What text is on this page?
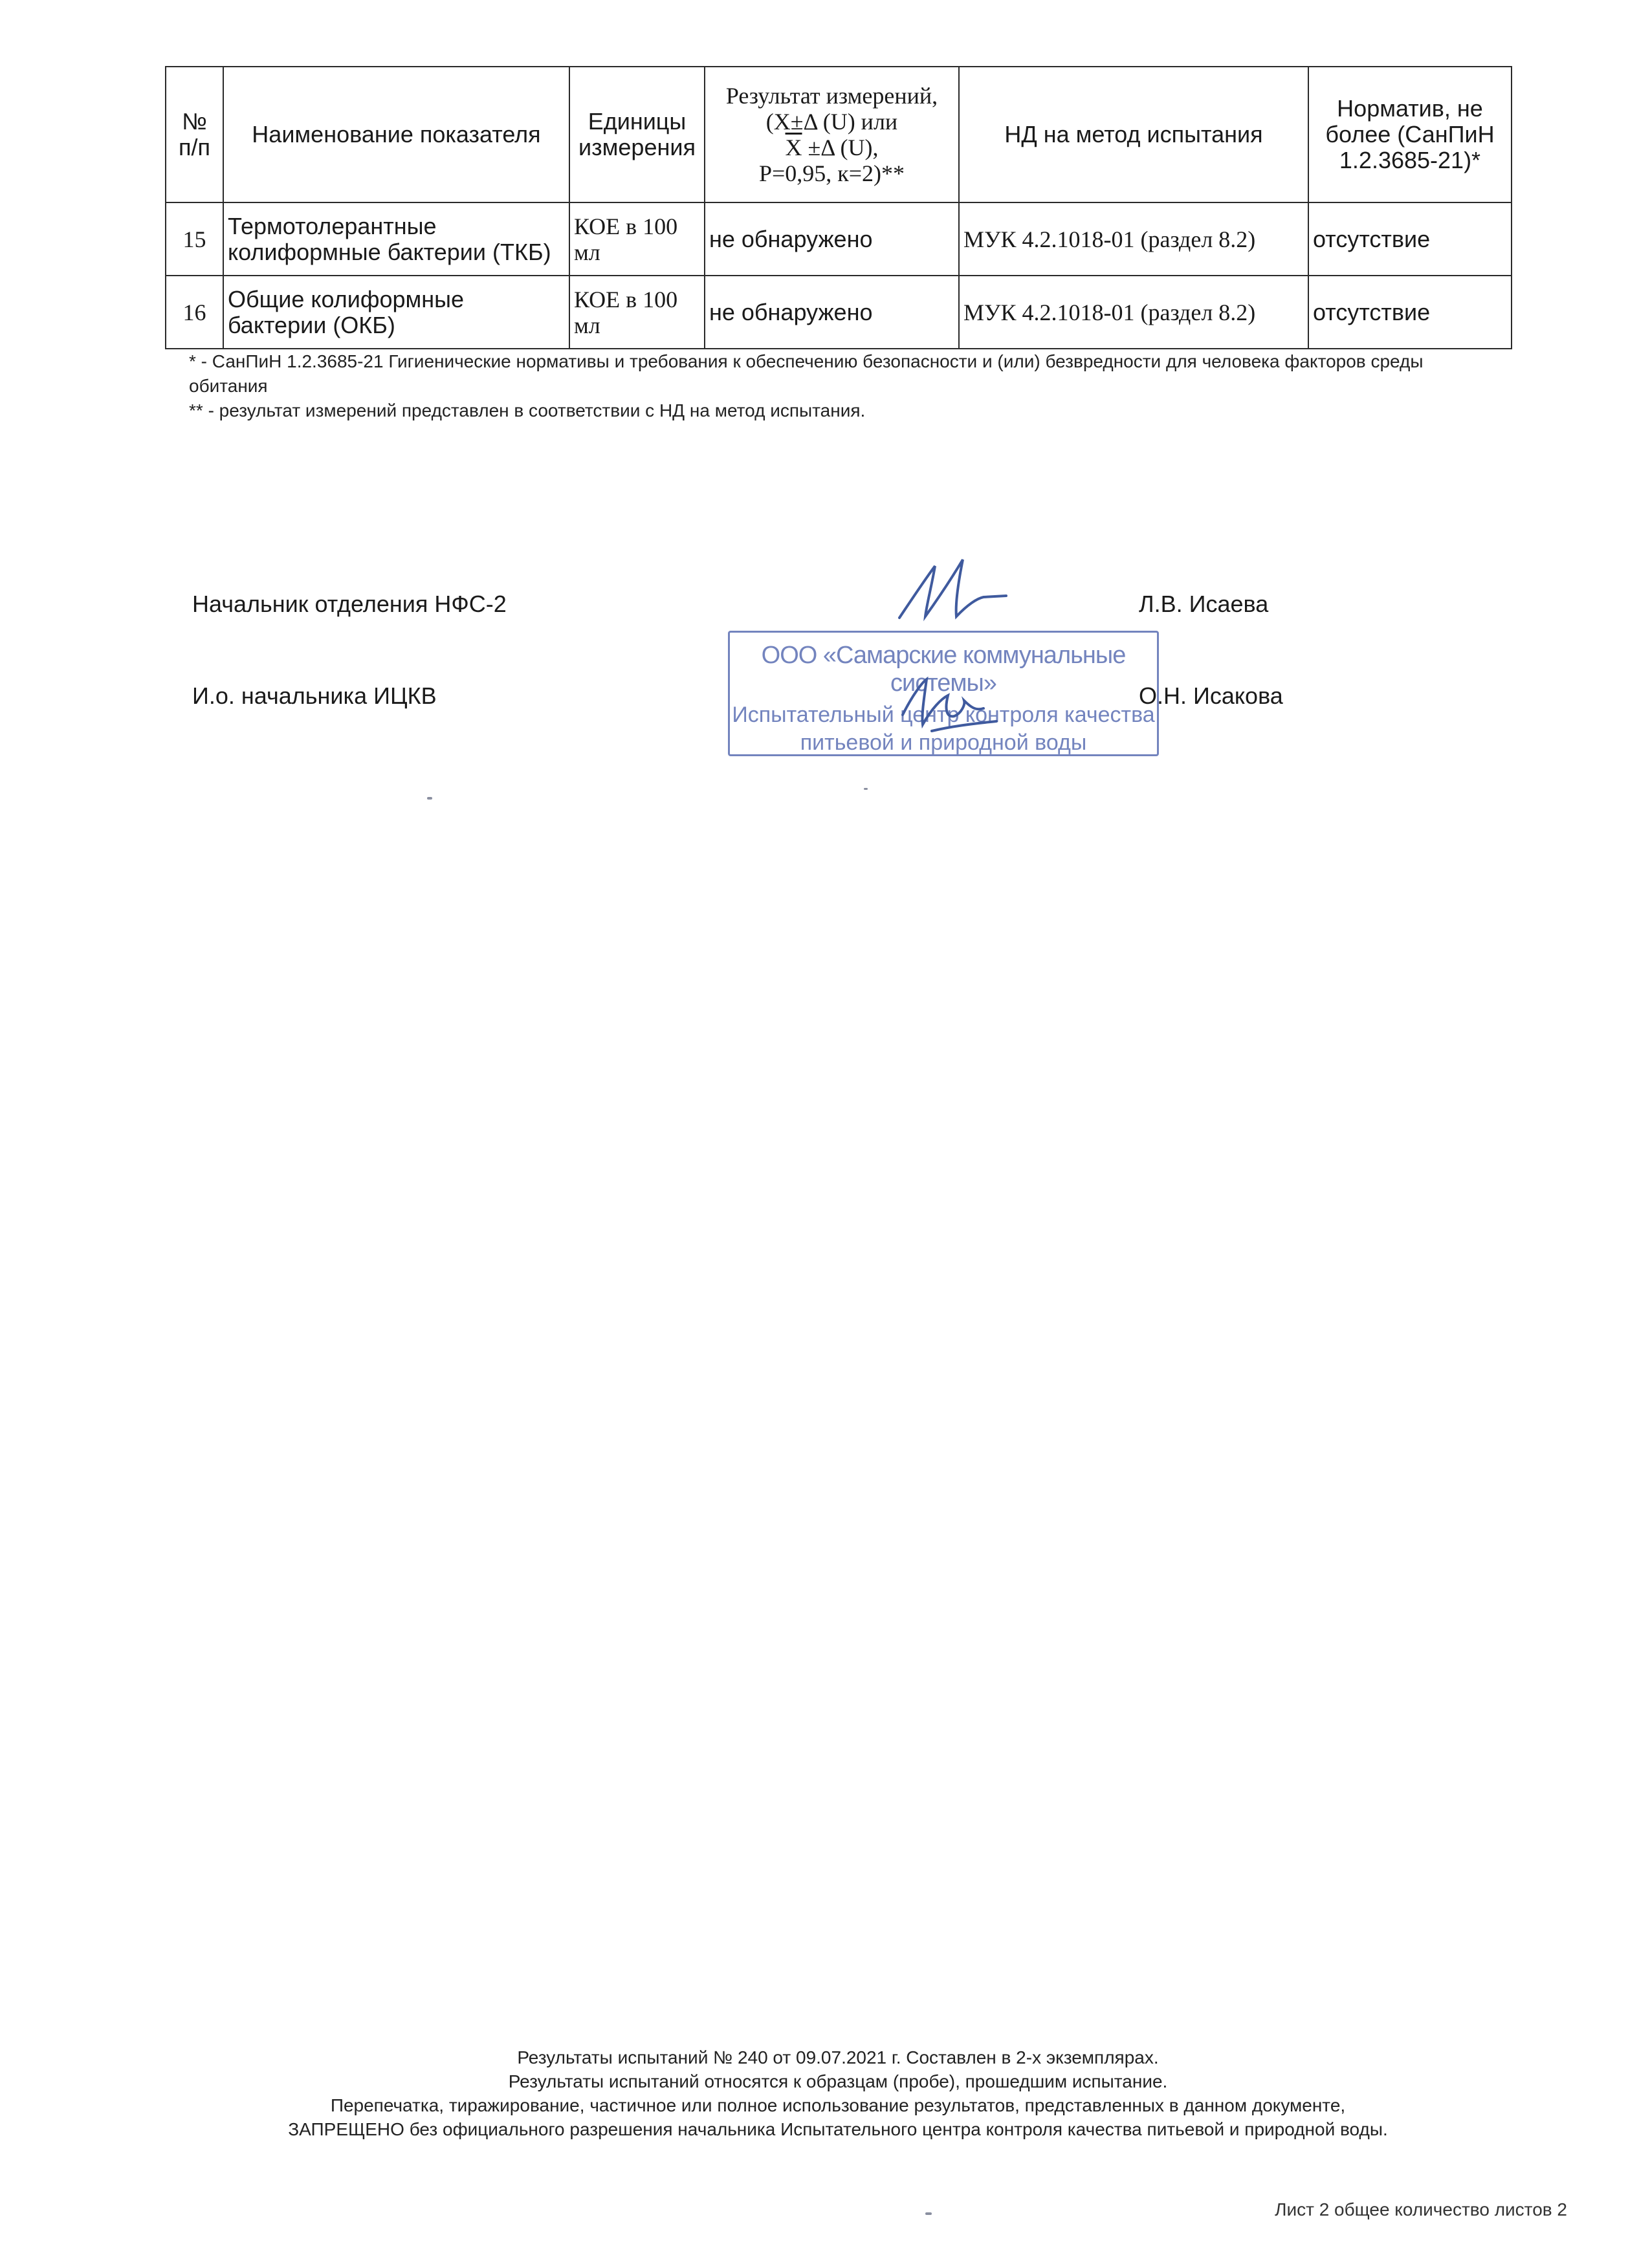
№ п/п	Наименование показателя	Единицы измерения	Результат измерений,
(X±Δ (U) или
$\overline{X} \pm\Delta$ (U),
Р=0,95, к=2)**	НД на метод испытания	Норматив, не более (СанПиН 1.2.3685-21)*
15	Термотолерантные колиформные бактерии (ТКБ)	КОЕ в 100 мл	не обнаружено	МУК 4.2.1018-01 (раздел 8.2)	отсутствие
16	Общие колиформные бактерии (ОКБ)	КОЕ в 100 мл	не обнаружено	МУК 4.2.1018-01 (раздел 8.2)	отсутствие
* - СанПиН 1.2.3685-21 Гигиенические нормативы и требования к обеспечению безопасности и (или) безвредности для человека факторов среды обитания
** - результат измерений представлен в соответствии с НД на метод испытания.
Начальник отделения НФС-2	Л.В. Исаева
И.о. начальника ИЦКВ	О.Н. Исакова
ООО «Самарские коммунальные системы»
Испытательный центр контроля качества
питьевой и природной воды
Результаты испытаний № 240 от 09.07.2021 г. Составлен в 2-х экземплярах.
Результаты испытаний относятся к образцам (пробе), прошедшим испытание.
Перепечатка, тиражирование, частичное или полное использование результатов, представленных в данном документе,
ЗАПРЕЩЕНО без официального разрешения начальника Испытательного центра контроля качества питьевой и природной воды.
Лист 2 общее количество листов 2
